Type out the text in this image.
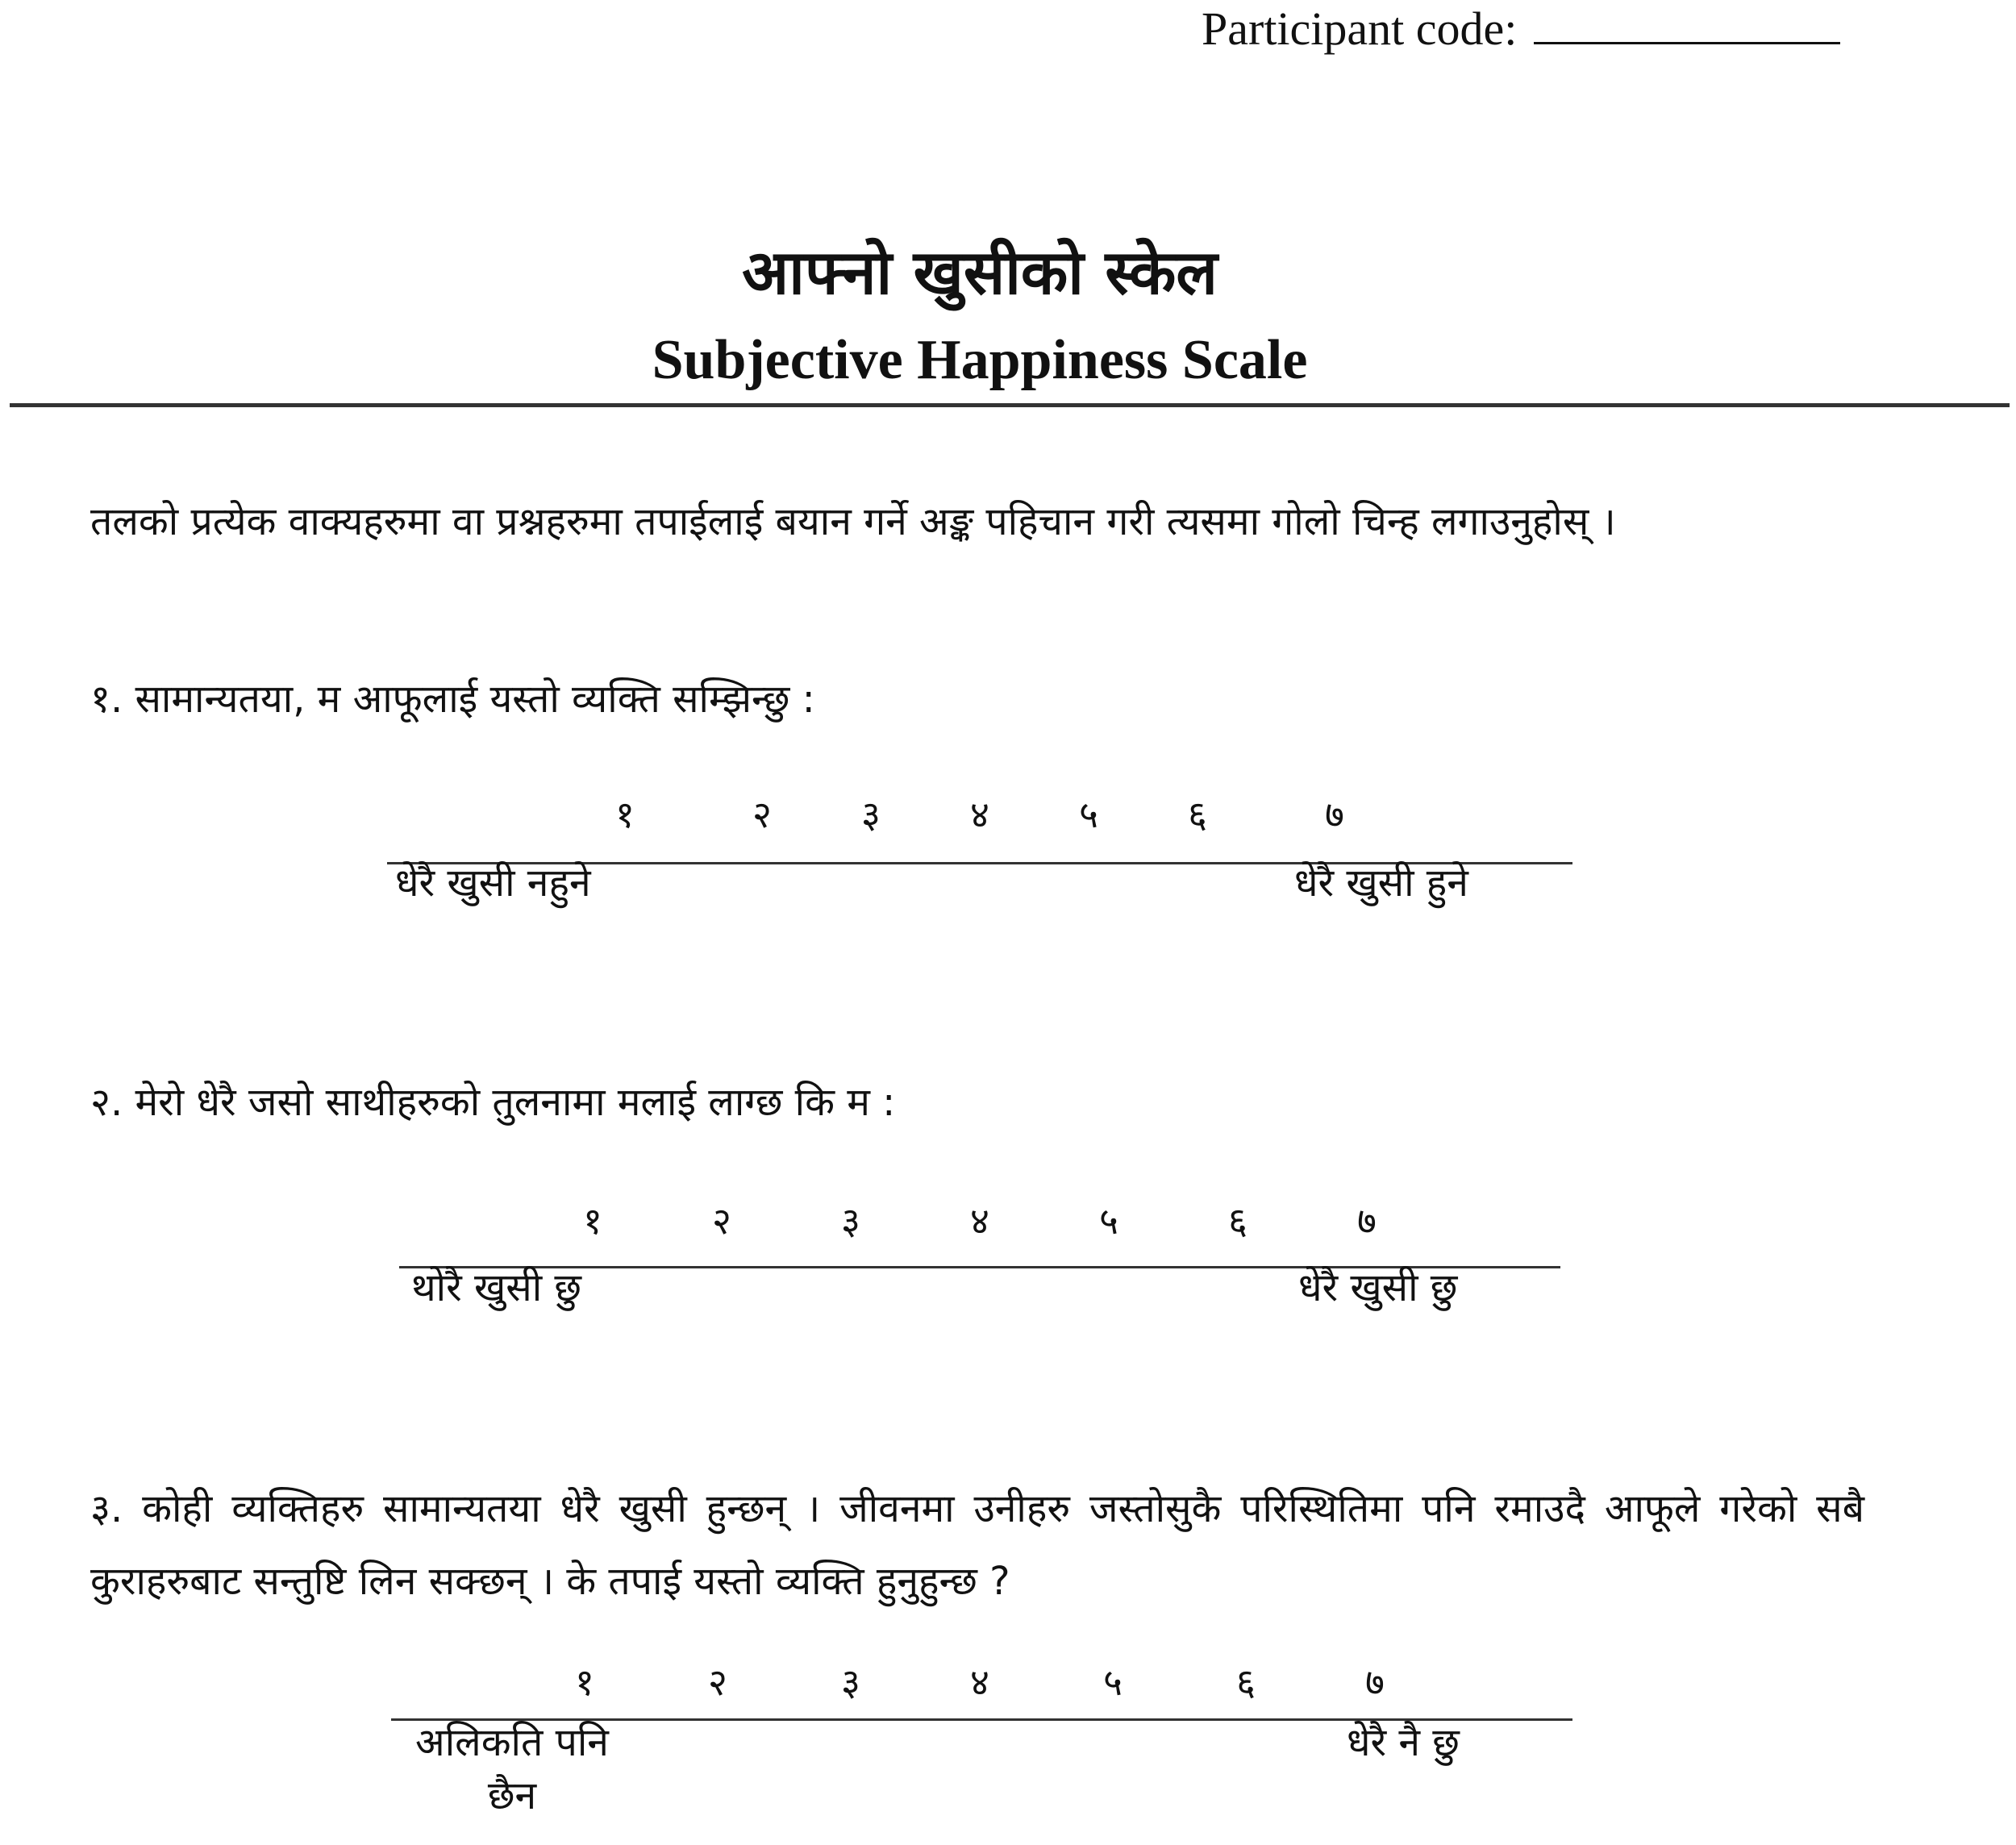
Participant code:
आफ्नो खुसीको स्केल
Subjective Happiness Scale
तलको प्रत्येक वाक्यहरुमा वा प्रश्नहरुमा तपाईलाई बयान गर्ने अङ्क पहिचान गरी त्यसमा गोलो चिन्ह लगाउनुहोस् ।
१. सामान्यतया, म आफूलाई यस्तो व्यक्ति सम्झिन्छु :
१	२ ३ ४ ५ ६	७
धेरै खुसी नहुने	धेरै खुसी हुने
२. मेरो धेरै जसो साथीहरुको तुलनामा मलाई लाग्छ कि म :
१	२	३	४	५	६	७
थोरै खुसी छु	धेरै खुसी छु
३. कोही व्यक्तिहरु सामान्यतया धेरै खुसी हुन्छन् । जीवनमा उनीहरु जस्तोसुकै परिस्थितिमा पनि रमाउदै आफूले गरेको सबै कुराहरुबाट सन्तुष्टि लिन सक्छन् । के तपाई यस्तो व्यक्ति हुनुहुन्छ ?
१	२	३	४	५	६	७
अलिकति पनि छैन
धेरै नै छु
